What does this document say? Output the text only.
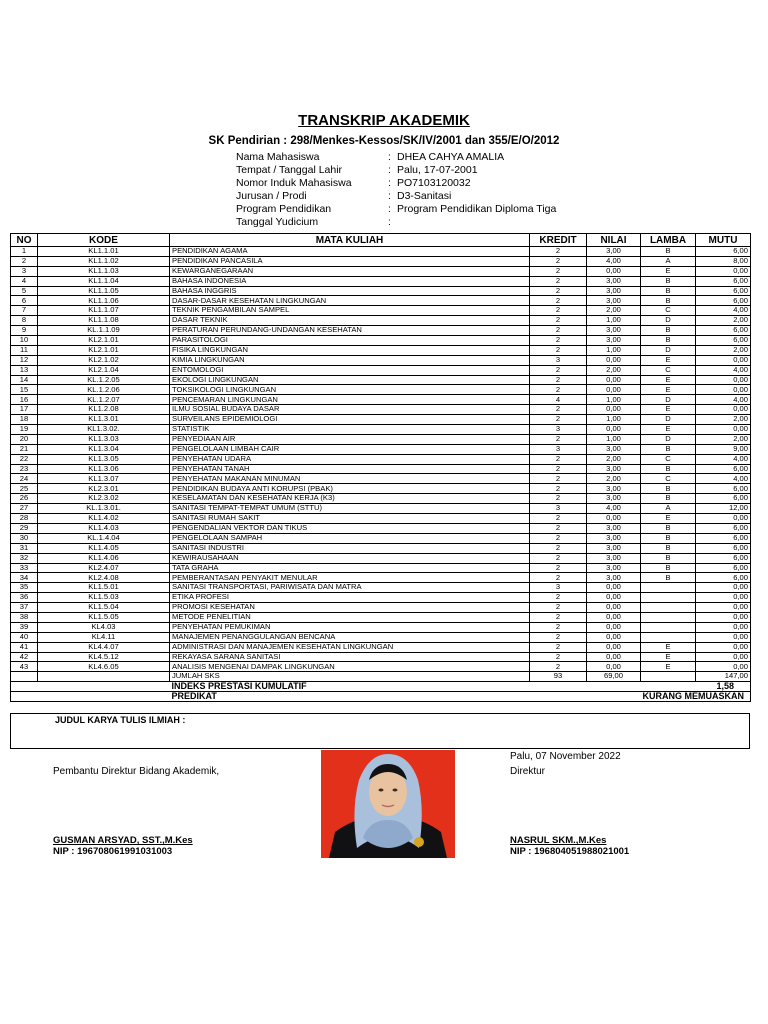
TRANSKRIP AKADEMIK
SK Pendirian : 298/Menkes-Kessos/SK/IV/2001 dan 355/E/O/2012
Nama Mahasiswa	: DHEA CAHYA AMALIA
Tempat / Tanggal Lahir	: Palu, 17-07-2001
Nomor Induk Mahasiswa	: PO7103120032
Jurusan / Prodi	: D3-Sanitasi
Program Pendidikan	: Program Pendidikan Diploma Tiga
Tanggal Yudicium	:
NO	KODE	MATA KULIAH	KREDIT	NILAI	LAMBA	MUTU
1	KL1.1.01	PENDIDIKAN AGAMA	2	3,00	B	6,00
2	KL1.1.02	PENDIDIKAN PANCASILA	2	4,00	A	8,00
3	KL1.1.03	KEWARGANEGARAAN	2	0,00	E	0,00
4	KL1.1.04	BAHASA INDONESIA	2	3,00	B	6,00
5	KL1.1.05	BAHASA INGGRIS	2	3,00	B	6,00
6	KL1.1.06	DASAR-DASAR KESEHATAN LINGKUNGAN	2	3,00	B	6,00
7	KL1.1.07	TEKNIK PENGAMBILAN SAMPEL	2	2,00	C	4,00
8	KL1.1.08	DASAR TEKNIK	2	1,00	D	2,00
9	KL.1.1.09	PERATURAN PERUNDANG-UNDANGAN KESEHATAN	2	3,00	B	6,00
10	KL2.1.01	PARASITOLOGI	2	3,00	B	6,00
11	KL2.1.01	FISIKA LINGKUNGAN	2	1,00	D	2,00
12	KL2.1.02	KIMIA LINGKUNGAN	3	0,00	E	0,00
13	KL2.1.04	ENTOMOLOGI	2	2,00	C	4,00
14	KL.1.2.05	EKOLOGI LINGKUNGAN	2	0,00	E	0,00
15	KL.1.2.06	TOKSIKOLOGI LINGKUNGAN	2	0,00	E	0,00
16	KL.1.2.07	PENCEMARAN LINGKUNGAN	4	1,00	D	4,00
17	KL1.2.08	ILMU SOSIAL BUDAYA DASAR	2	0,00	E	0,00
18	KL1.3.01	SURVEILANS EPIDEMIOLOGI	2	1,00	D	2,00
19	KL1.3.02.	STATISTIK	3	0,00	E	0,00
20	KL1.3.03	PENYEDIAAN AIR	2	1,00	D	2,00
21	KL1.3.04	PENGELOLAAN LIMBAH CAIR	3	3,00	B	9,00
22	KL1.3.05	PENYEHATAN UDARA	2	2,00	C	4,00
23	KL1.3.06	PENYEHATAN TANAH	2	3,00	B	6,00
24	KL1.3.07	PENYEHATAN MAKANAN MINUMAN	2	2,00	C	4,00
25	KL2.3.01	PENDIDIKAN BUDAYA ANTI KORUPSI (PBAK)	2	3,00	B	6,00
26	KL2.3.02	KESELAMATAN DAN KESEHATAN KERJA (K3)	2	3,00	B	6,00
27	KL.1.3.01.	SANITASI TEMPAT-TEMPAT UMUM (STTU)	3	4,00	A	12,00
28	KL1.4.02	SANITASI RUMAH SAKIT	2	0,00	E	0,00
29	KL1.4.03	PENGENDALIAN VEKTOR DAN TIKUS	2	3,00	B	6,00
30	KL.1.4.04	PENGELOLAAN SAMPAH	2	3,00	B	6,00
31	KL1.4.05	SANITASI INDUSTRI	2	3,00	B	6,00
32	KL1.4.06	KEWIRAUSAHAAN	2	3,00	B	6,00
33	KL2.4.07	TATA GRAHA	2	3,00	B	6,00
34	KL2.4.08	PEMBERANTASAN PENYAKIT MENULAR	2	3,00	B	6,00
35	KL1.5.01	SANITASI TRANSPORTASI, PARIWISATA DAN MATRA	3	0,00		0,00
36	KL1.5.03	ETIKA PROFESI	2	0,00		0,00
37	KL1.5.04	PROMOSI KESEHATAN	2	0,00		0,00
38	KL1.5.05	METODE PENELITIAN	2	0,00		0,00
39	KL4.03	PENYEHATAN PEMUKIMAN	2	0,00		0,00
40	KL4.11	MANAJEMEN PENANGGULANGAN BENCANA	2	0,00		0,00
41	KL4.4.07	ADMINISTRASI DAN MANAJEMEN KESEHATAN LINGKUNGAN	2	0,00	E	0,00
42	KL4.5.12	REKAYASA SARANA SANITASI	2	0,00	E	0,00
43	KL4.6.05	ANALISIS MENGENAI DAMPAK LINGKUNGAN	2	0,00	E	0,00
		JUMLAH SKS	93	69,00		147,00
		INDEKS PRESTASI KUMULATIF			1,58	
		PREDIKAT			KURANG MEMUASKAN	
JUDUL KARYA TULIS ILMIAH :
Palu, 07 November 2022
Pembantu Direktur Bidang Akademik,	Direktur
GUSMAN ARSYAD, SST.,M.Kes
NIP : 196708061991031003
NASRUL SKM.,M.Kes
NIP : 196804051988021001
